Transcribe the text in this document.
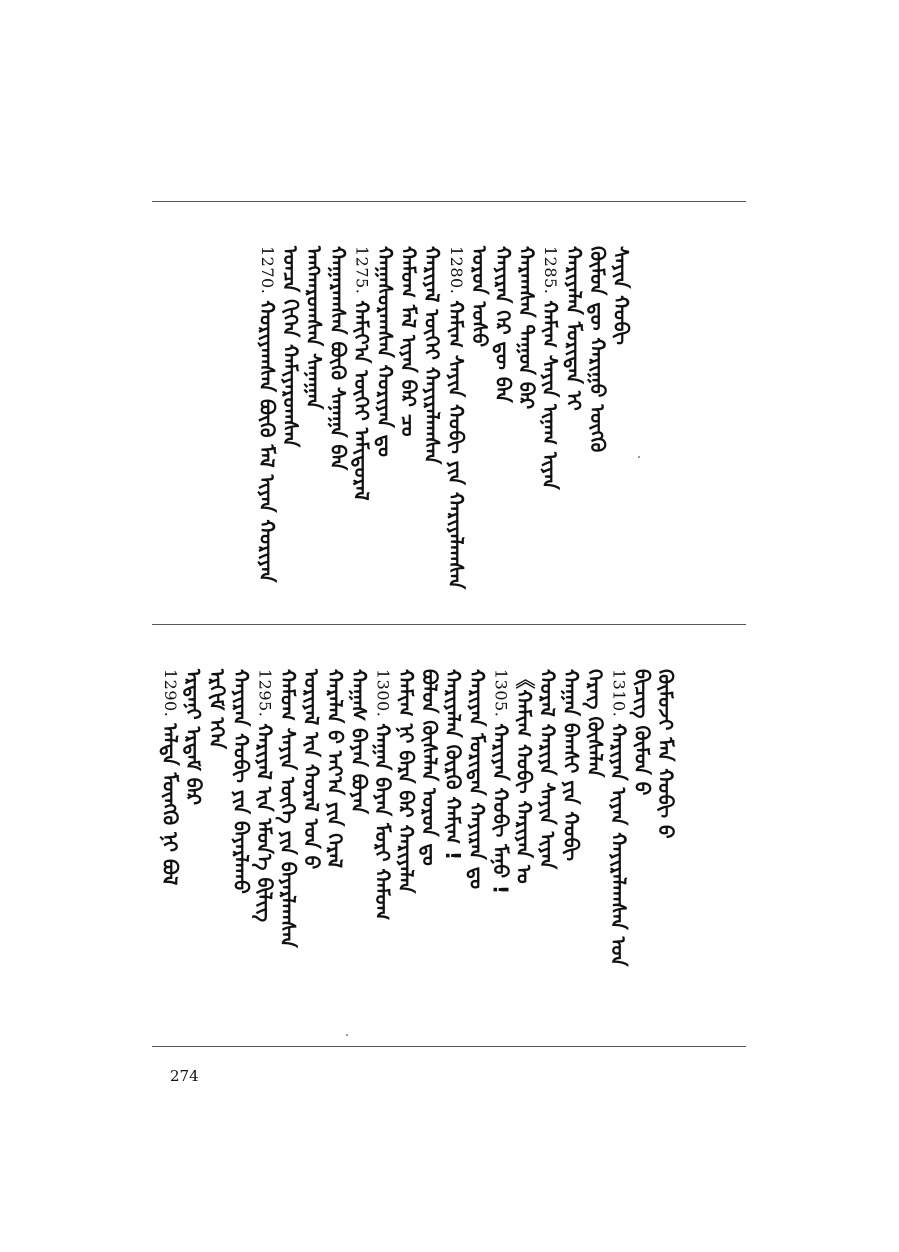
1270.ᠬᠤᠷᠢᠶᠠᠭᠰᠠᠨ ᠪᠦᠬᠦ ᠮᠠᠯ ᠢᠶᠠᠨ ᠬᠤᠷᠢᠶᠠᠨ ᠣᠨᠴᠠ ᠭᠢᠭᠡᠨ ᠬᠠᠮᠢᠶᠠᠷᠤᠭᠰᠠᠨ ᠠᠩᠬᠠᠷᠤᠭᠰᠠᠨ ᠰᠠᠨᠠᠭᠠᠨ ᠬᠠᠭᠠᠷᠠᠭᠰᠠᠨ ᠪᠦᠬᠦ ᠰᠠᠨᠠᠭᠠ ᠪᠠᠨ 1275.ᠬᠠᠮᠢᠶ᠎ᠠ ᠦᠭᠡᠢ ᠠᠮᠢᠳᠤᠷᠠᠯ ᠬᠠᠭᠠᠰᠤᠷᠠᠭᠰᠠᠨ ᠬᠤᠷᠢᠶᠠᠨ ᠳᠤ ᠬᠠᠮᠤᠭ ᠮᠠᠯ ᠢᠶᠠᠨ ᠪᠠᠷ ᠴᠤ ᠬᠠᠷᠢᠶᠠᠯ ᠦᠭᠡᠢ ᠬᠠᠶᠢᠷᠠᠯᠠᠭᠰᠠᠨ 1280.ᠬᠠᠮᠢᠭ ᠰᠠᠶᠢᠨ ᠬᠤᠪᠢ ᠶᠢᠨ ᠬᠠᠷᠢᠶᠠᠯᠠᠭᠰᠠᠨ
ᠣᠷᠤᠨ ᠤᠰᠤ ᠬᠠᠶᠢᠷᠠᠨ ᠭᠡᠷ ᠳᠦ ᠪᠡᠨ ᠬᠠᠷᠠᠭᠰᠠᠨ ᠳᠠᠭᠤᠨ ᠪᠡᠷ 1285.ᠬᠠᠮᠢᠭ ᠰᠠᠶᠢᠨ ᠢᠨᠠᠭ ᠢᠶᠠᠨ ᠬᠠᠷᠢᠶᠠᠯᠠᠨ ᠮᠣᠷᠢᠳᠠᠨ ᠢ ᠬᠦᠮᠦᠨ ᠳᠦ ᠬᠠᠷᠢᠭᠤ ᠦᠭᠭᠦ ᠰᠠᠶᠢᠨ ᠬᠤᠪᠢ
1290.ᠠᠯᠲᠠ ᠮᠥᠩᠭᠥ ᠨᠢ ᠪᠣᠯ ᠡᠷᠳᠡᠨᠢ ᠡᠷᠳᠡᠮ ᠪᠡᠷ ᠡᠷᠬᠢᠮ ᠡᠬᠡᠨ ᠬᠠᠶᠢᠷᠠᠨ ᠬᠤᠪᠢ ᠶᠢᠨ ᠪᠠᠶᠠᠷᠯᠠᠬᠤ 1295.ᠬᠠᠷᠢᠶᠠᠯ ᠢᠨ ᠡᠮᠦᠨ᠎ᠡ ᠪᠢᠯᠢᠭ ᠬᠠᠮᠤᠭ ᠰᠠᠶᠢᠨ ᠦᠭᠡ ᠶᠢᠨ ᠪᠠᠶᠠᠷᠯᠠᠭᠰᠠᠨ ᠤᠷᠢᠶᠠᠯ ᠢᠨ ᠬᠤᠷᠠᠯ ᠤᠨ ᠪ ᠬᠠᠷᠠᠯᠠᠨ ᠪ ᠠᠶ᠎ᠠ ᠶᠢᠨ ᠭᠡᠷᠡᠯ ᠬᠠᠭᠠᠰ ᠪᠠᠶᠠᠨ ᠪᠤᠶᠠᠨ 1300.ᠬᠠᠭᠠᠨ ᠪᠠᠶᠠᠨ ᠮᠣᠷᠢ ᠬᠠᠮᠤᠭ ᠬᠠᠮᠢᠭ ᠨᠢ ᠪᠠᠷᠠ ᠪᠠᠷ ᠬᠠᠷᠢᠶᠠᠯᠠᠨ ᠪᠣᠯᠤᠨ ᠬᠦᠰᠡᠯᠡᠨ ᠣᠷᠤᠨ ᠳᠤ ᠬᠠᠷᠢᠶᠠᠯᠠᠨ ᠬᠦᠷᠬᠦ ᠬᠠᠮᠢᠭ ! ᠬᠠᠷᠢᠶᠠᠨ ᠮᠣᠷᠢᠳᠠᠨ ᠬᠠᠶᠢᠷᠠᠨ ᠳᠤ 1305.ᠬᠠᠷᠢᠶᠠᠨ ᠬᠤᠪᠢ ᠮᠠᠨᠤ ! 《ᠬᠠᠮᠢᠭ ᠬᠤᠪᠢ ᠬᠠᠷᠢᠶᠠᠨ ᠤ ᠬᠤᠷᠠᠯ ᠬᠠᠷᠢᠶᠠ ᠰᠠᠶᠢᠨ ᠢᠶᠠᠨ ᠬᠠᠭᠠᠨ ᠪᠠᠭᠰᠢ ᠶᠢᠨ ᠬᠤᠪᠢ ᠬᠡᠷᠡᠭ ᠬᠦᠰᠡᠯᠡᠨ 1310.ᠬᠠᠷᠢᠶᠠᠨ ᠢᠶᠠᠨ ᠬᠠᠶᠢᠷᠠᠯᠠᠭᠰᠠᠨ ᠤᠨ ᠪᠢᠴᠢᠭ᠌ ᠬᠦᠮᠦᠨ ᠪ ᠬᠦᠮᠦᠵᠢ ᠮᠠᠨ ᠬᠤᠪᠢ ᠪ
274
